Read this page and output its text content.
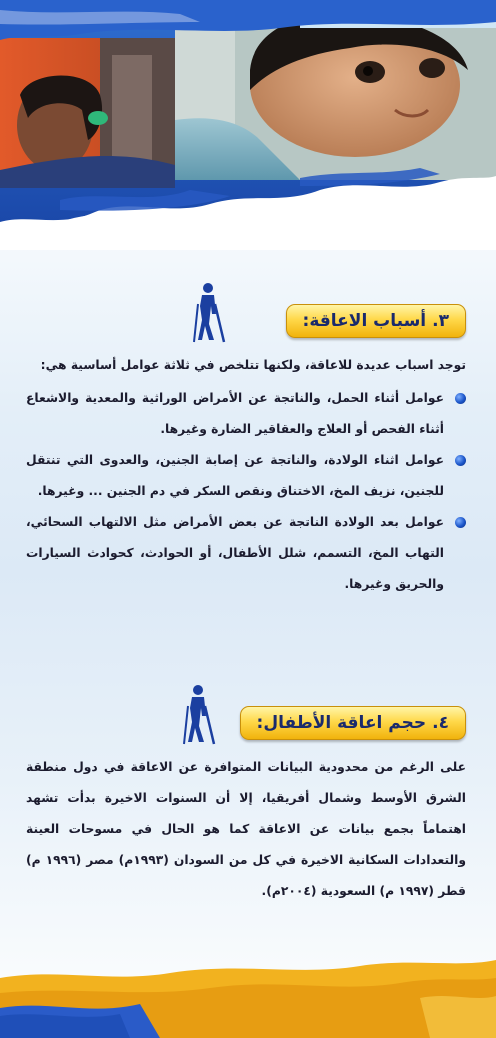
٣.
أسباب الاعاقة:

توجد اسباب عديدة للاعاقة، ولكنها تتلخص في ثلاثة عوامل أساسية هي:

عوامل أثناء الحمل، والناتجة عن الأمراض الوراثية والمعدية والاشعاع أثناء الفحص أو العلاج والعقاقير الضارة وغيرها.
عوامل اثناء الولادة، والناتجة عن إصابة الجنين، والعدوى التي تنتقل للجنين، نزيف المخ، الاختناق ونقص السكر في دم الجنين ... وغيرها.
عوامل بعد الولادة الناتجة عن بعض الأمراض مثل الالتهاب السحائي، التهاب المخ، التسمم، شلل الأطفال، أو الحوادث، كحوادث السيارات والحريق وغيرها.
٤.
حجم اعاقة الأطفال:

على الرغم من محدودية البيانات المتوافرة عن الاعاقة في دول منطقة الشرق الأوسط وشمال أفريقيا، إلا أن السنوات الاخيرة بدأت تشهد اهتماماً بجمع بيانات عن الاعاقة كما هو الحال في مسوحات العينة والتعدادات السكانية الاخيرة في كل من السودان (١٩٩٣م) مصر (١٩٩٦ م) قطر (١٩٩٧ م) السعودية (٢٠٠٤م).
